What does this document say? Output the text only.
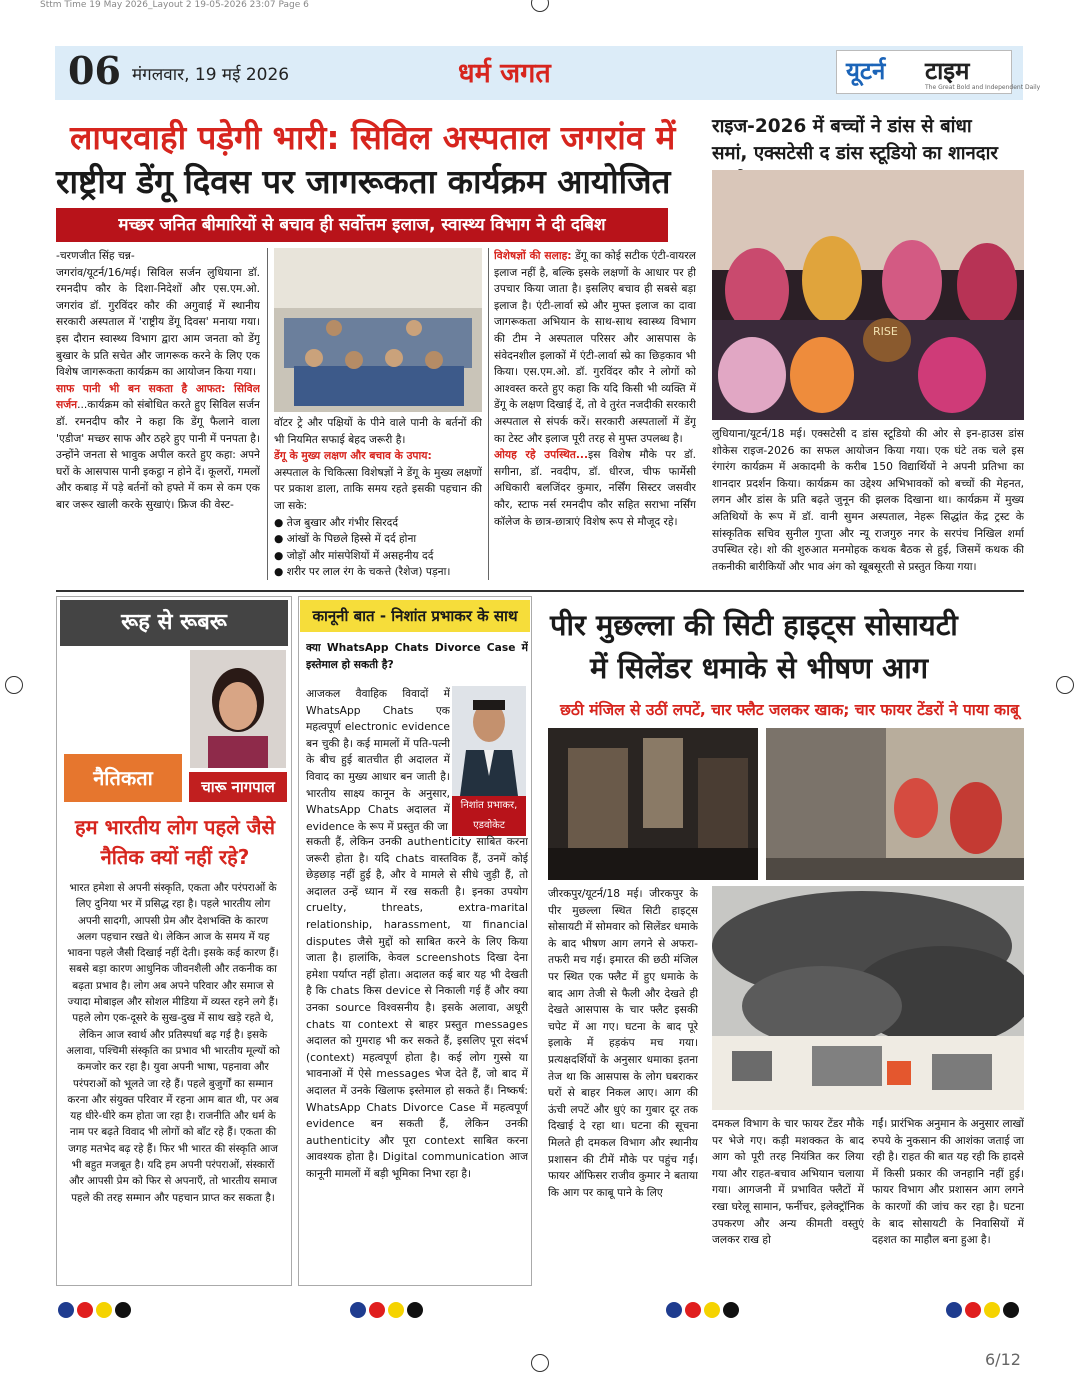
Sttm Time 19 May 2026_Layout 2 19-05-2026 23:07 Page 6
06 मंगलवार, 19 मई 2026	धर्म जगत	यूटर्न टाइम
The Great Bold and Independent Daily
लापरवाही पड़ेगी भारी: सिविल अस्पताल जगरांव में
राष्ट्रीय डेंगू दिवस पर जागरूकता कार्यक्रम आयोजित
मच्छर जनित बीमारियों से बचाव ही सर्वोत्तम इलाज, स्वास्थ्य विभाग ने दी दबिश
-चरणजीत सिंह चन्न-
जगरांव/यूटर्न/16/मई। सिविल सर्जन लुधियाना डॉ. रमनदीप कौर के दिशा-निदेशों और एस.एम.ओ. जगरांव डॉ. गुरविंदर कौर की अगुवाई में स्थानीय सरकारी अस्पताल में 'राष्ट्रीय डेंगू दिवस' मनाया गया। इस दौरान स्वास्थ्य विभाग द्वारा आम जनता को डेंगू बुखार के प्रति सचेत और जागरूक करने के लिए एक विशेष जागरूकता कार्यक्रम का आयोजन किया गया।
साफ पानी भी बन सकता है आफत: सिविल सर्जन...कार्यक्रम को संबोधित करते हुए सिविल सर्जन डॉ. रमनदीप कौर ने कहा कि डेंगू फैलाने वाला 'एडीज' मच्छर साफ और ठहरे हुए पानी में पनपता है। उन्होंने जनता से भावुक अपील करते हुए कहा: अपने घरों के आसपास पानी इकट्ठा न होने दें। कूलरों, गमलों और कबाड़ में पड़े बर्तनों को हफ्ते में कम से कम एक बार जरूर खाली करके सुखाएं। फ्रिज की वेस्ट-
वॉटर ट्रे और पक्षियों के पीने वाले पानी के बर्तनों की भी नियमित सफाई बेहद जरूरी है।
डेंगू के मुख्य लक्षण और बचाव के उपाय:
अस्पताल के चिकित्सा विशेषज्ञों ने डेंगू के मुख्य लक्षणों पर प्रकाश डाला, ताकि समय रहते इसकी पहचान की जा सके:
● तेज बुखार और गंभीर सिरदर्द
● आंखों के पिछले हिस्से में दर्द होना
● जोड़ों और मांसपेशियों में असहनीय दर्द
● शरीर पर लाल रंग के चकत्ते (रैशेज) पड़ना।
विशेषज्ञों की सलाह: डेंगू का कोई सटीक एंटी-वायरल इलाज नहीं है, बल्कि इसके लक्षणों के आधार पर ही उपचार किया जाता है। इसलिए बचाव ही सबसे बड़ा इलाज है। एंटी-लार्वा स्प्रे और मुफ्त इलाज का दावा जागरूकता अभियान के साथ-साथ स्वास्थ्य विभाग की टीम ने अस्पताल परिसर और आसपास के संवेदनशील इलाकों में एंटी-लार्वा स्प्रे का छिड़काव भी किया। एस.एम.ओ. डॉ. गुरविंदर कौर ने लोगों को आश्वस्त करते हुए कहा कि यदि किसी भी व्यक्ति में डेंगू के लक्षण दिखाई दें, तो वे तुरंत नजदीकी सरकारी अस्पताल से संपर्क करें। सरकारी अस्पतालों में डेंगू का टेस्ट और इलाज पूरी तरह से मुफ्त उपलब्ध है।
ओयह रहे उपस्थित...इस विशेष मौके पर डॉ. सगीना, डॉ. नवदीप, डॉ. धीरज, चीफ फार्मेसी अधिकारी बलजिंदर कुमार, नर्सिंग सिस्टर जसवीर कौर, स्टाफ नर्स रमनदीप कौर सहित सराभा नर्सिंग कॉलेज के छात्र-छात्राएं विशेष रूप से मौजूद रहे।
राइज-2026 में बच्चों ने डांस से बांधा समां, एक्सटेसी द डांस स्टूडियो का शानदार
RISE
लुधियाना/यूटर्न/18 मई। एक्सटेसी द डांस स्टूडियो की ओर से इन-हाउस डांस शोकेस राइज-2026 का सफल आयोजन किया गया। एक घंटे तक चले इस रंगारंग कार्यक्रम में अकादमी के करीब 150 विद्यार्थियों ने अपनी प्रतिभा का शानदार प्रदर्शन किया। कार्यक्रम का उद्देश्य अभिभावकों को बच्चों की मेहनत, लगन और डांस के प्रति बढ़ते जुनून की झलक दिखाना था। कार्यक्रम में मुख्य अतिथियों के रूप में डॉ. वानी सुमन अस्पताल, नेहरू सिद्धांत केंद्र ट्रस्ट के सांस्कृतिक सचिव सुनील गुप्ता और न्यू राजगुरु नगर के सरपंच निखिल शर्मा उपस्थित रहे। शो की शुरुआत मनमोहक कथक बैठक से हुई, जिसमें कथक की तकनीकी बारीकियों और भाव अंग को खूबसूरती से प्रस्तुत किया गया।
रूह से रूबरू
नैतिकता	चारू नागपाल
हम भारतीय लोग पहले जैसे नैतिक क्यों नहीं रहे?
भारत हमेशा से अपनी संस्कृति, एकता और परंपराओं के लिए दुनिया भर में प्रसिद्ध रहा है। पहले भारतीय लोग अपनी सादगी, आपसी प्रेम और देशभक्ति के कारण अलग पहचान रखते थे। लेकिन आज के समय में यह भावना पहले जैसी दिखाई नहीं देती। इसके कई कारण हैं। सबसे बड़ा कारण आधुनिक जीवनशैली और तकनीक का बढ़ता प्रभाव है। लोग अब अपने परिवार और समाज से ज्यादा मोबाइल और सोशल मीडिया में व्यस्त रहने लगे हैं। पहले लोग एक-दूसरे के सुख-दुख में साथ खड़े रहते थे, लेकिन आज स्वार्थ और प्रतिस्पर्धा बढ़ गई है। इसके अलावा, पश्चिमी संस्कृति का प्रभाव भी भारतीय मूल्यों को कमजोर कर रहा है। युवा अपनी भाषा, पहनावा और परंपराओं को भूलते जा रहे हैं। पहले बुजुर्गों का सम्मान करना और संयुक्त परिवार में रहना आम बात थी, पर अब यह धीरे-धीरे कम होता जा रहा है। राजनीति और धर्म के नाम पर बढ़ते विवाद भी लोगों को बाँट रहे हैं। एकता की जगह मतभेद बढ़ रहे हैं। फिर भी भारत की संस्कृति आज भी बहुत मजबूत है। यदि हम अपनी परंपराओं, संस्कारों और आपसी प्रेम को फिर से अपनाएँ, तो भारतीय समाज पहले की तरह सम्मान और पहचान प्राप्त कर सकता है।
कानूनी बात - निशांत प्रभाकर के साथ
निशांत प्रभाकर,
एडवोकेट
क्या WhatsApp Chats Divorce Case में इस्तेमाल हो सकती है?
आजकल वैवाहिक विवादों में WhatsApp Chats एक महत्वपूर्ण electronic evidence बन चुकी है। कई मामलों में पति-पत्नी के बीच हुई बातचीत ही अदालत में विवाद का मुख्य आधार बन जाती है। भारतीय साक्ष्य कानून के अनुसार, WhatsApp Chats अदालत में evidence के रूप में प्रस्तुत की जा
सकती हैं, लेकिन उनकी authenticity साबित करना जरूरी होता है। यदि chats वास्तविक हैं, उनमें कोई छेड़छाड़ नहीं हुई है, और वे मामले से सीधे जुड़ी हैं, तो अदालत उन्हें ध्यान में रख सकती है। इनका उपयोग cruelty, threats, extra-marital relationship, harassment, या financial disputes जैसे मुद्दों को साबित करने के लिए किया जाता है। हालांकि, केवल screenshots दिखा देना हमेशा पर्याप्त नहीं होता। अदालत कई बार यह भी देखती है कि chats किस device से निकाली गई हैं और क्या उनका source विश्वसनीय है। इसके अलावा, अधूरी chats या context से बाहर प्रस्तुत messages अदालत को गुमराह भी कर सकते हैं, इसलिए पूरा संदर्भ (context) महत्वपूर्ण होता है। कई लोग गुस्से या भावनाओं में ऐसे messages भेज देते हैं, जो बाद में अदालत में उनके खिलाफ इस्तेमाल हो सकते हैं। निष्कर्ष: WhatsApp Chats Divorce Case में महत्वपूर्ण evidence बन सकती हैं, लेकिन उनकी authenticity और पूरा context साबित करना आवश्यक होता है। Digital communication आज कानूनी मामलों में बड़ी भूमिका निभा रहा है।
पीर मुछल्ला की सिटी हाइट्स सोसायटी
में सिलेंडर धमाके से भीषण आग
छठी मंजिल से उठीं लपटें, चार फ्लैट जलकर खाक; चार फायर टेंडरों ने पाया काबू
जीरकपुर/यूटर्न/18 मई। जीरकपुर के पीर मुछल्ला स्थित सिटी हाइट्स सोसायटी में सोमवार को सिलेंडर धमाके के बाद भीषण आग लगने से अफरा-तफरी मच गई। इमारत की छठी मंजिल पर स्थित एक फ्लैट में हुए धमाके के बाद आग तेजी से फैली और देखते ही देखते आसपास के चार फ्लैट इसकी चपेट में आ गए। घटना के बाद पूरे इलाके में हड़कंप मच गया। प्रत्यक्षदर्शियों के अनुसार धमाका इतना तेज था कि आसपास के लोग घबराकर घरों से बाहर निकल आए। आग की ऊंची लपटें और धुएं का गुबार दूर तक दिखाई दे रहा था। घटना की सूचना मिलते ही दमकल विभाग और स्थानीय प्रशासन की टीमें मौके पर पहुंच गईं। फायर ऑफिसर राजीव कुमार ने बताया कि आग पर काबू पाने के लिए
दमकल विभाग के चार फायर टेंडर मौके पर भेजे गए। कड़ी मशक्कत के बाद आग को पूरी तरह नियंत्रित कर लिया गया और राहत-बचाव अभियान चलाया गया। आगजनी में प्रभावित फ्लैटों में रखा घरेलू सामान, फर्नीचर, इलेक्ट्रॉनिक उपकरण और अन्य कीमती वस्तुएं जलकर राख हो
गईं। प्रारंभिक अनुमान के अनुसार लाखों रुपये के नुकसान की आशंका जताई जा रही है। राहत की बात यह रही कि हादसे में किसी प्रकार की जनहानि नहीं हुई। फायर विभाग और प्रशासन आग लगने के कारणों की जांच कर रहा है। घटना के बाद सोसायटी के निवासियों में दहशत का माहौल बना हुआ है।
6/12
